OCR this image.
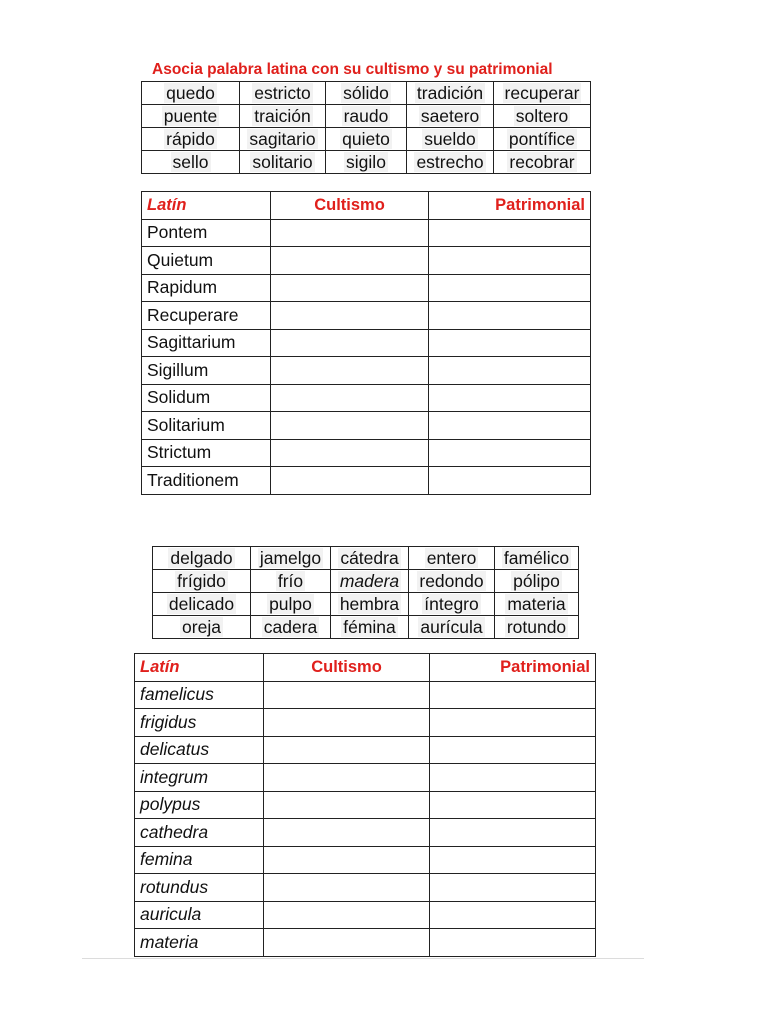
Asocia palabra latina con su cultismo y su patrimonial
quedo	estricto	sólido	tradición	recuperar
puente	traición	raudo	saetero	soltero
rápido	sagitario	quieto	sueldo	pontífice
sello	solitario	sigilo	estrecho	recobrar
Latín	Cultismo	Patrimonial
Pontem		
Quietum		
Rapidum		
Recuperare		
Sagittarium		
Sigillum		
Solidum		
Solitarium		
Strictum		
Traditionem		
delgado	jamelgo	cátedra	entero	famélico
frígido	frío	madera	redondo	pólipo
delicado	pulpo	hembra	íntegro	materia
oreja	cadera	fémina	aurícula	rotundo
Latín	Cultismo	Patrimonial
famelicus		
frigidus		
delicatus		
integrum		
polypus		
cathedra		
femina		
rotundus		
auricula		
materia		
